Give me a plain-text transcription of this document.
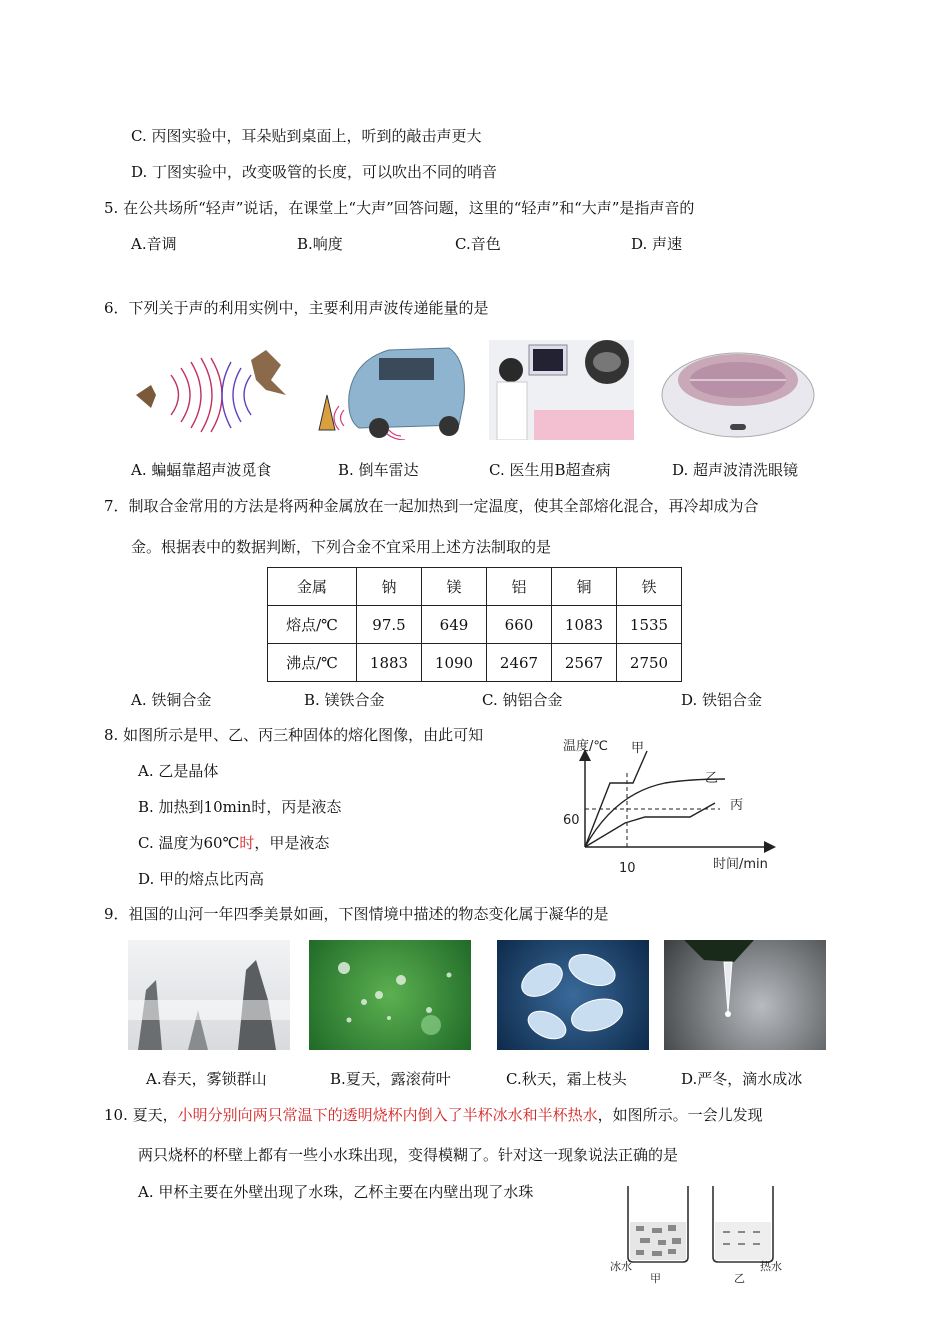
C. 丙图实验中，耳朵贴到桌面上，听到的敲击声更大
D. 丁图实验中，改变吸管的长度，可以吹出不同的哨音
5. 在公共场所“轻声”说话，在课堂上“大声”回答问题，这里的“轻声”和“大声”是指声音的
A.音调	B.响度	C.音色	D. 声速
6．下列关于声的利用实例中，主要利用声波传递能量的是
A. 蝙蝠靠超声波觅食	B. 倒车雷达	C. 医生用B超查病	D. 超声波清洗眼镜
7．制取合金常用的方法是将两种金属放在一起加热到一定温度，使其全部熔化混合，再冷却成为合
金。根据表中的数据判断，下列合金不宜采用上述方法制取的是
金属	钠	镁	铝	铜	铁
熔点/℃	97.5	649	660	1083	1535
沸点/℃	1883	1090	2467	2567	2750
A. 铁铜合金	B. 镁铁合金	C. 钠铝合金	D. 铁铝合金
8. 如图所示是甲、乙、丙三种固体的熔化图像，由此可知
A. 乙是晶体
B. 加热到10min时，丙是液态
C. 温度为60℃时，甲是液态
D. 甲的熔点比丙高
温度/℃
时间/min
60
10
甲
乙
丙
9．祖国的山河一年四季美景如画，下图情境中描述的物态变化属于凝华的是
A.春天，雾锁群山	B.夏天，露滚荷叶	C.秋天，霜上枝头	D.严冬，滴水成冰
10. 夏天，小明分别向两只常温下的透明烧杯内倒入了半杯冰水和半杯热水，如图所示。一会儿发现
两只烧杯的杯壁上都有一些小水珠出现，变得模糊了。针对这一现象说法正确的是
A. 甲杯主要在外壁出现了水珠，乙杯主要在内壁出现了水珠
冰水
甲	乙
热水
